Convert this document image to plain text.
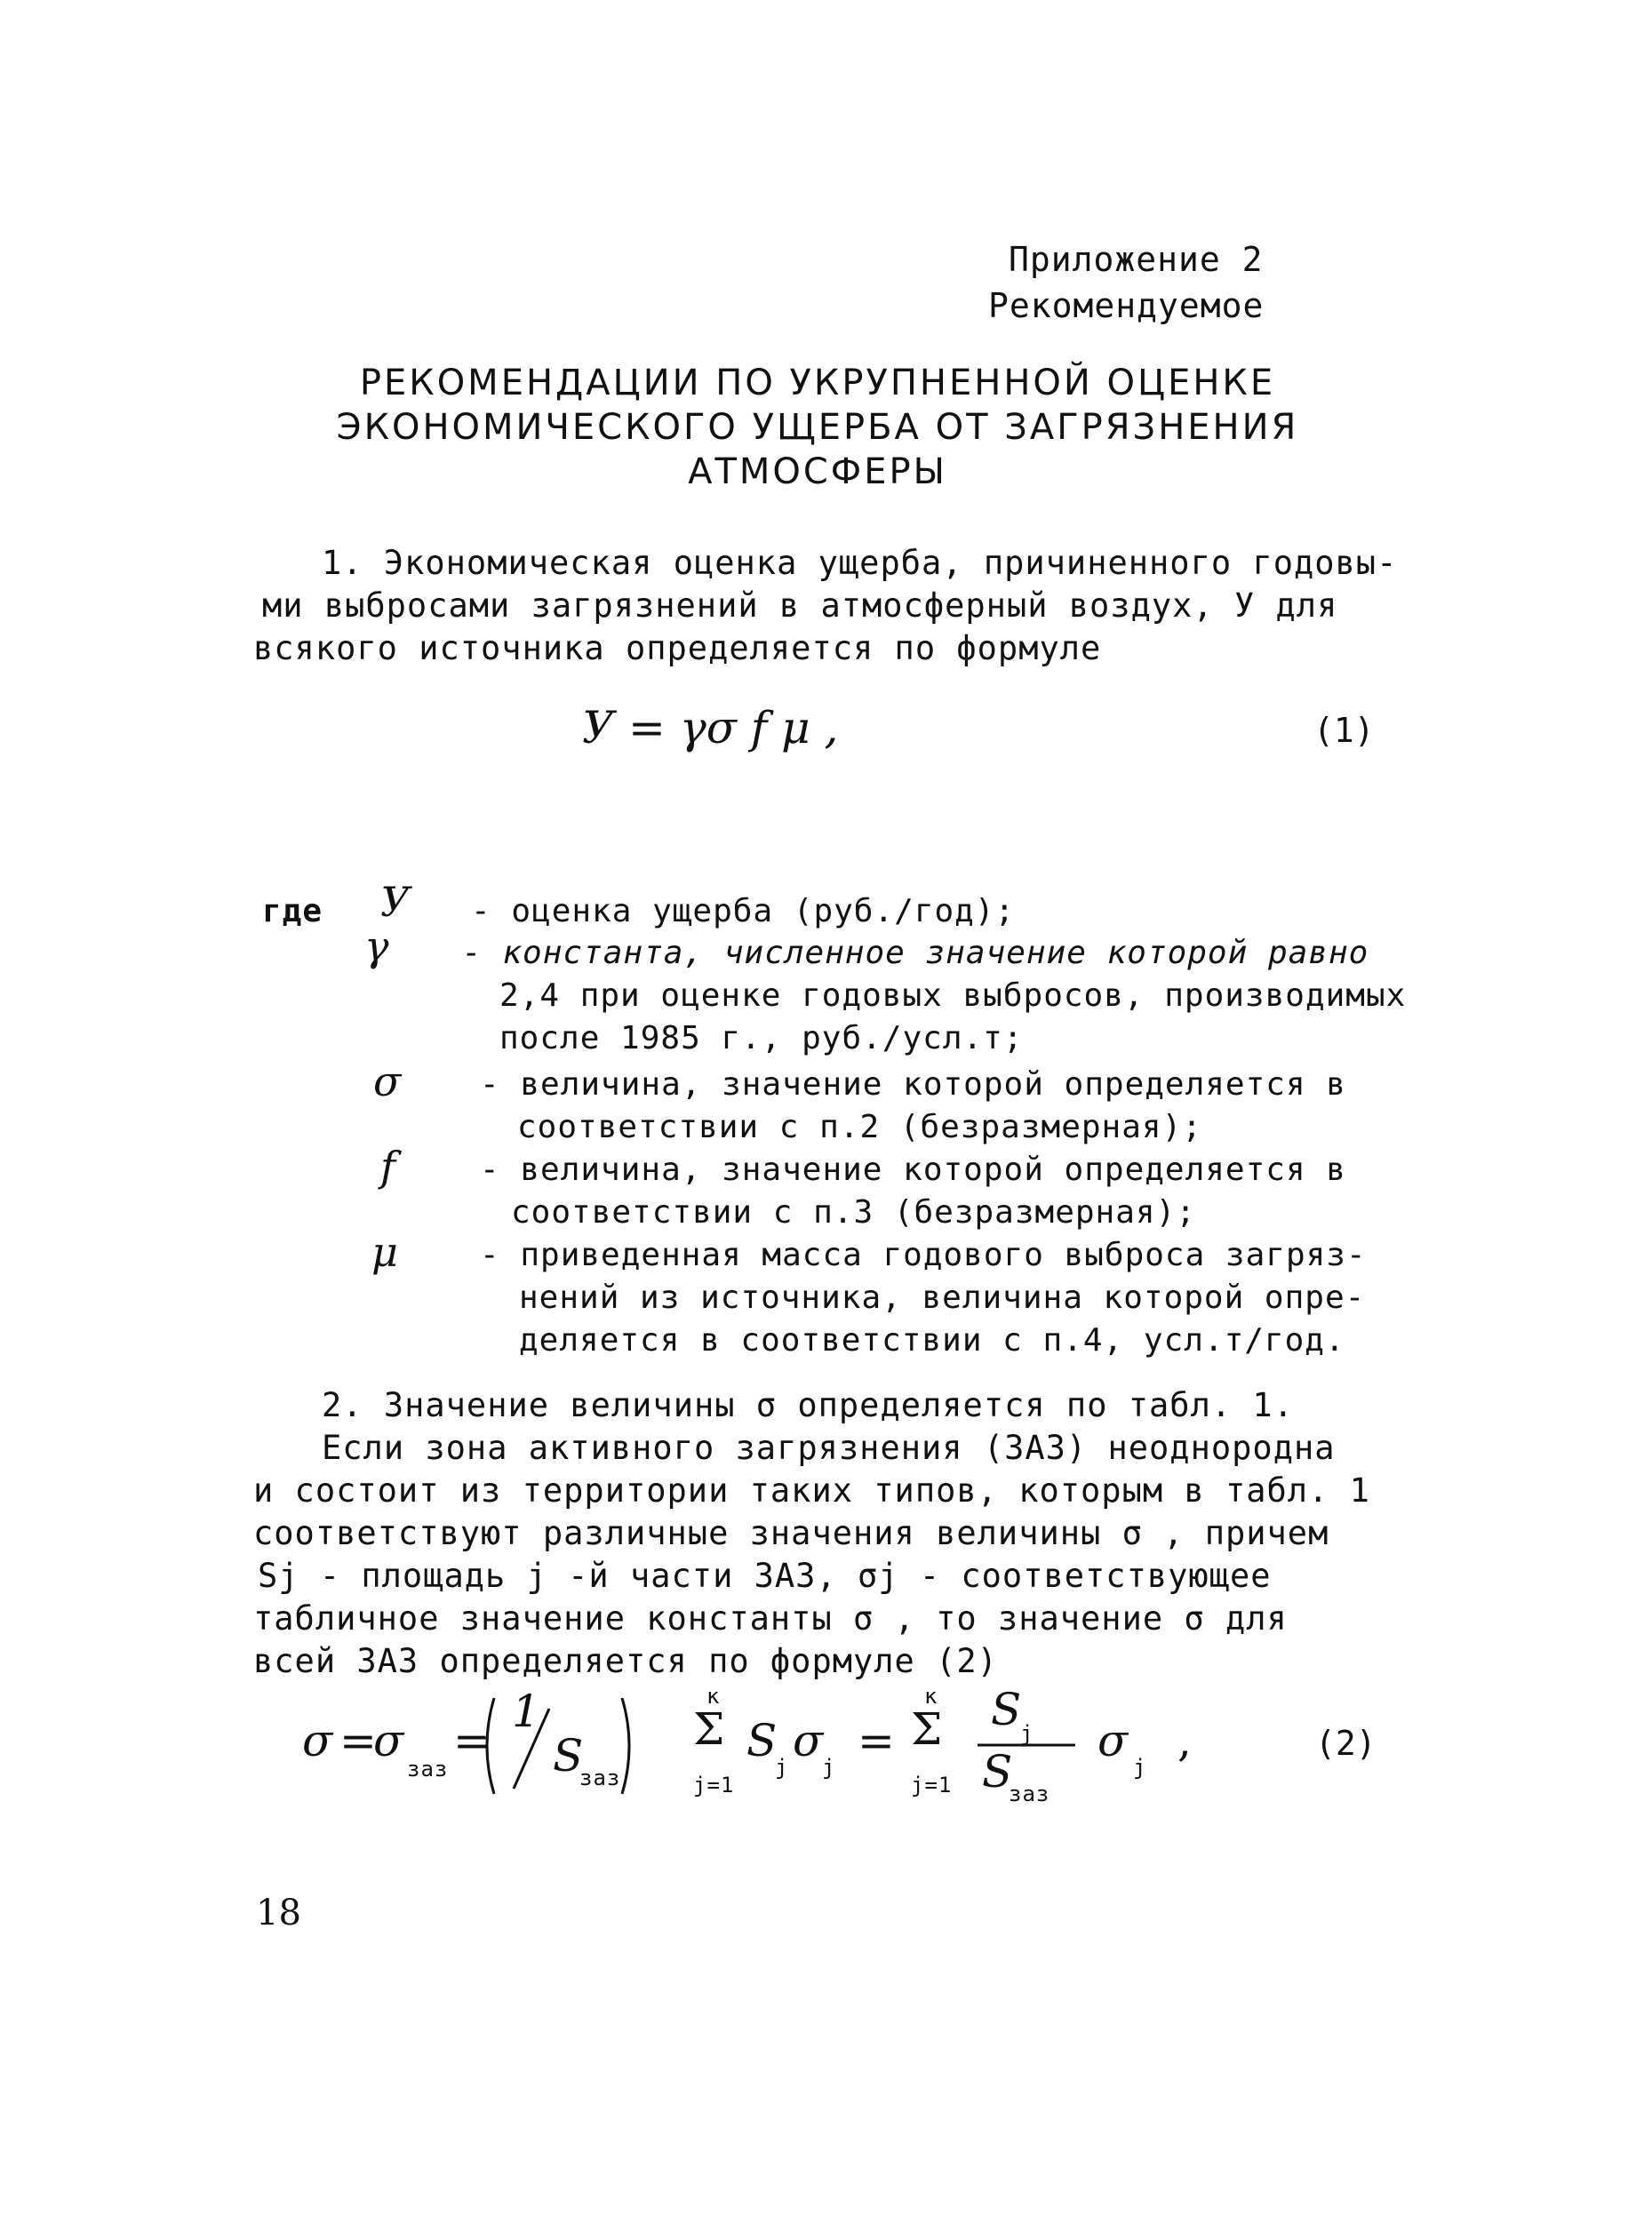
Приложение 2
Рекомендуемое
РЕКОМЕНДАЦИИ ПО УКРУПНЕННОЙ ОЦЕНКЕ
ЭКОНОМИЧЕСКОГО УЩЕРБА ОТ ЗАГРЯЗНЕНИЯ
АТМОСФЕРЫ
1. Экономическая оценка ущерба, причиненного годовы-
ми выбросами загрязнений в атмосферный воздух, У для
всякого источника определяется по формуле
У = γσ f μ ,	(1)
где У - оценка ущерба (руб./год);
γ - константа, численное значение которой равно
2,4 при оценке годовых выбросов, производимых
после 1985 г., руб./усл.т;
σ - величина, значение которой определяется в
соответствии с п.2 (безразмерная);
f	- величина, значение которой определяется в
соответствии с п.3 (безразмерная);
μ	- приведенная масса годового выброса загряз-
нений из источника, величина которой опре-
деляется в соответствии с п.4, усл.т/год.
2. Значение величины σ определяется по табл. 1.
Если зона активного загрязнения (ЗАЗ) неоднородна
и состоит из территории таких типов, которым в табл. 1
соответствуют различные значения величины σ , причем
Sj - площадь j -й части ЗАЗ, σj - соответствующее
табличное значение константы σ , то значение σ для
всей ЗАЗ определяется по формуле (2)
σ =
σ
зaз
=
1
S
зaз
к
Σ
j=1
S
j
σ
j
=
к
Σ
j=1
S
j
S
зaз
σ
j
,	(2)
18
